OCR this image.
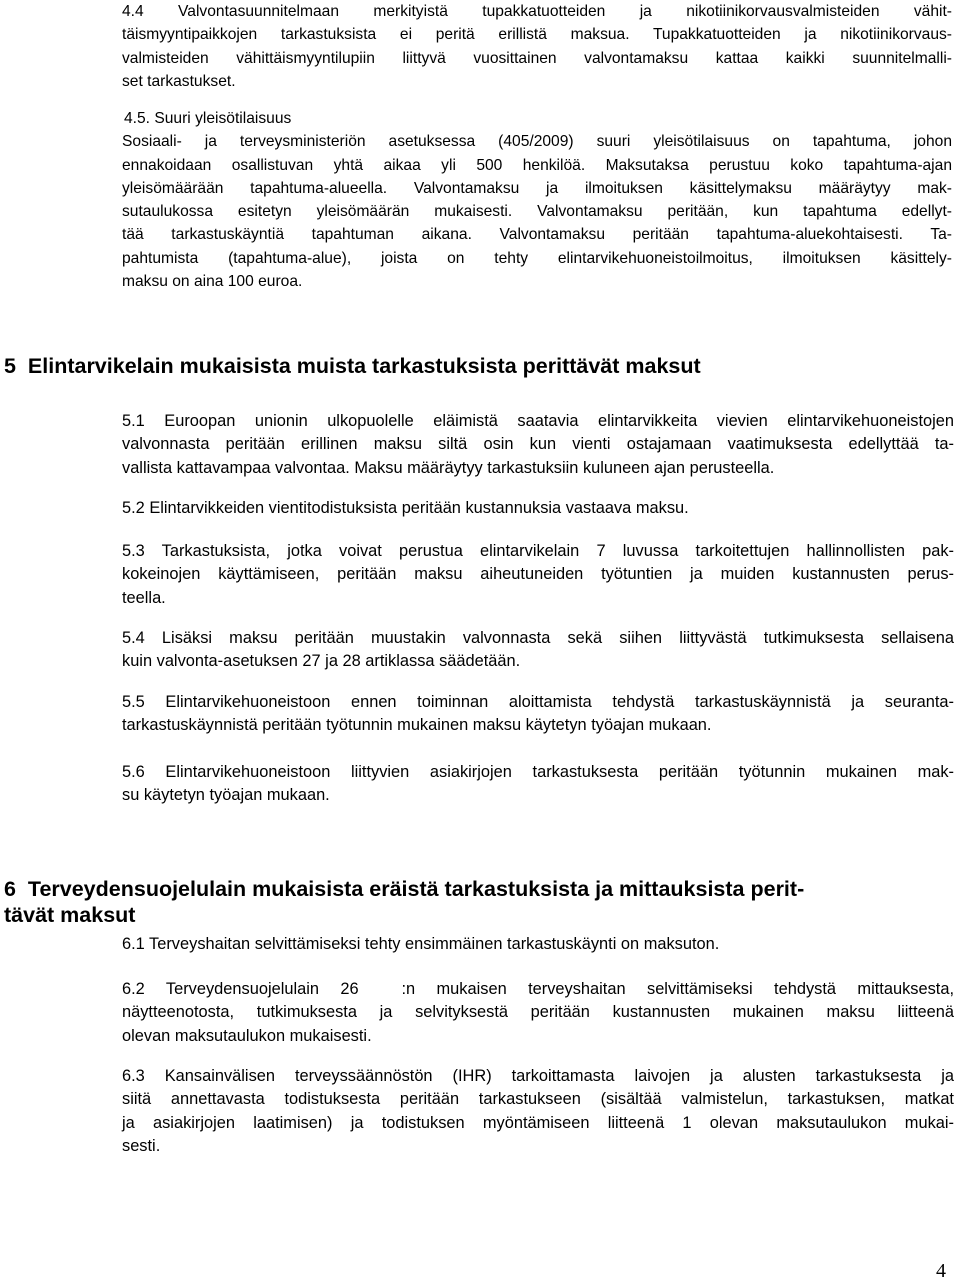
4.4 Valvontasuunnitelmaan merkityistä tupakkatuotteiden ja nikotiinikorvausvalmisteiden vähit-
täismyyntipaikkojen tarkastuksista ei peritä erillistä maksua. Tupakkatuotteiden ja nikotiinikorvaus-
valmisteiden vähittäismyyntilupiin liittyvä vuosittainen valvontamaksu kattaa kaikki suunnitelmalli-
set tarkastukset.
4.5. Suuri yleisötilaisuus
Sosiaali- ja terveysministeriön asetuksessa (405/2009) suuri yleisötilaisuus on tapahtuma, johon
ennakoidaan osallistuvan yhtä aikaa yli 500 henkilöä. Maksutaksa perustuu koko tapahtuma-ajan
yleisömäärään tapahtuma-alueella. Valvontamaksu ja ilmoituksen käsittelymaksu määräytyy mak-
sutaulukossa esitetyn yleisömäärän mukaisesti. Valvontamaksu peritään, kun tapahtuma edellyt-
tää tarkastuskäyntiä tapahtuman aikana. Valvontamaksu peritään tapahtuma-aluekohtaisesti. Ta-
pahtumista (tapahtuma-alue), joista on tehty elintarvikehuoneistoilmoitus, ilmoituksen käsittely-
maksu on aina 100 euroa.
5  Elintarvikelain mukaisista muista tarkastuksista perittävät maksut
5.1 Euroopan unionin ulkopuolelle eläimistä saatavia elintarvikkeita vievien elintarvikehuoneistojen
valvonnasta peritään erillinen maksu siltä osin kun vienti ostajamaan vaatimuksesta edellyttää ta-
vallista kattavampaa valvontaa. Maksu määräytyy tarkastuksiin kuluneen ajan perusteella.
5.2 Elintarvikkeiden vientitodistuksista peritään kustannuksia vastaava maksu.
5.3 Tarkastuksista, jotka voivat perustua elintarvikelain 7 luvussa tarkoitettujen hallinnollisten pak-
kokeinojen käyttämiseen, peritään maksu aiheutuneiden työtuntien ja muiden kustannusten perus-
teella.
5.4 Lisäksi maksu peritään muustakin valvonnasta sekä siihen liittyvästä tutkimuksesta sellaisena
kuin valvonta-asetuksen 27 ja 28 artiklassa säädetään.
5.5 Elintarvikehuoneistoon ennen toiminnan aloittamista tehdystä tarkastuskäynnistä ja seuranta-
tarkastuskäynnistä peritään työtunnin mukainen maksu käytetyn työajan mukaan.
5.6 Elintarvikehuoneistoon liittyvien asiakirjojen tarkastuksesta peritään työtunnin mukainen mak-
su käytetyn työajan mukaan.
6  Terveydensuojelulain mukaisista eräistä tarkastuksista ja mittauksista perit-
tävät maksut
6.1 Terveyshaitan selvittämiseksi tehty ensimmäinen tarkastuskäynti on maksuton.
6.2 Terveydensuojelulain 26  :n mukaisen terveyshaitan selvittämiseksi tehdystä mittauksesta,
näytteenotosta, tutkimuksesta ja selvityksestä peritään kustannusten mukainen maksu liitteenä
olevan maksutaulukon mukaisesti.
6.3 Kansainvälisen terveyssäännöstön (IHR) tarkoittamasta laivojen ja alusten tarkastuksesta ja
siitä annettavasta todistuksesta peritään tarkastukseen (sisältää valmistelun, tarkastuksen, matkat
ja asiakirjojen laatimisen) ja todistuksen myöntämiseen liitteenä 1 olevan maksutaulukon mukai-
sesti.
4
